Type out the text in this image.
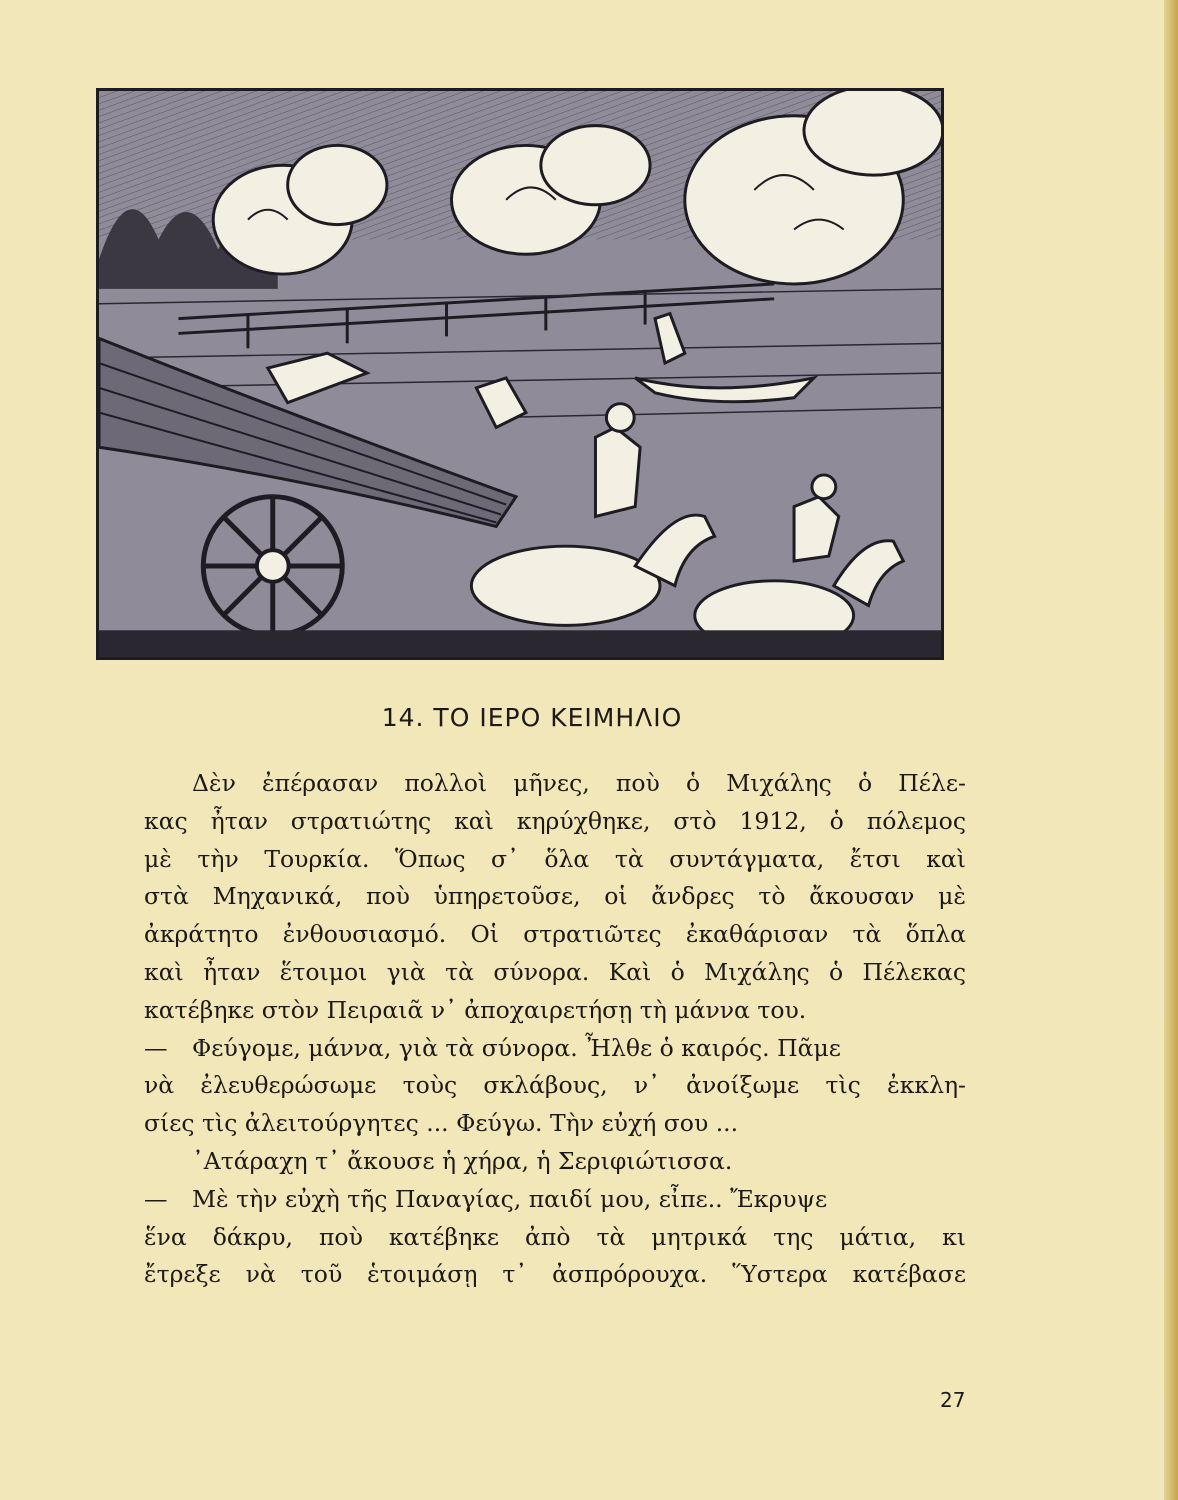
14. ΤΟ ΙΕΡΟ ΚΕΙΜΗΛΙΟ
Δὲν ἐπέρασαν πολλοὶ μῆνες, ποὺ ὁ Μιχάλης ὁ Πέλε-
κας ἦταν στρατιώτης καὶ κηρύχθηκε, στὸ 1912, ὁ πόλεμος
μὲ τὴν Τουρκία. Ὅπως σ᾿ ὅλα τὰ συντάγματα, ἔτσι καὶ
στὰ Μηχανικά, ποὺ ὑπηρετοῦσε, οἱ ἄνδρες τὸ ἄκουσαν μὲ
ἀκράτητο ἐνθουσιασμό. Οἱ στρατιῶτες ἐκαθάρισαν τὰ ὅπλα
καὶ ἦταν ἕτοιμοι γιὰ τὰ σύνορα. Καὶ ὁ Μιχάλης ὁ Πέλεκας
κατέβηκε στὸν Πειραιᾶ ν᾿ ἀποχαιρετήσῃ τὴ μάννα του.
— Φεύγομε, μάννα, γιὰ τὰ σύνορα. Ἦλθε ὁ καιρός. Πᾶμε
νὰ ἐλευθερώσωμε τοὺς σκλάβους, ν᾿ ἀνοίξωμε τὶς ἐκκλη-
σίες τὶς ἀλειτούργητες ... Φεύγω. Τὴν εὐχή σου ...
᾿Ατάραχη τ᾿ ἄκουσε ἡ χήρα, ἡ Σεριφιώτισσα.
— Μὲ τὴν εὐχὴ τῆς Παναγίας, παιδί μου, εἶπε.. Ἔκρυψε
ἕνα δάκρυ, ποὺ κατέβηκε ἀπὸ τὰ μητρικά της μάτια, κι
ἔτρεξε νὰ τοῦ ἑτοιμάσῃ τ᾿ ἀσπρόρουχα. Ὕστερα κατέβασε
27
